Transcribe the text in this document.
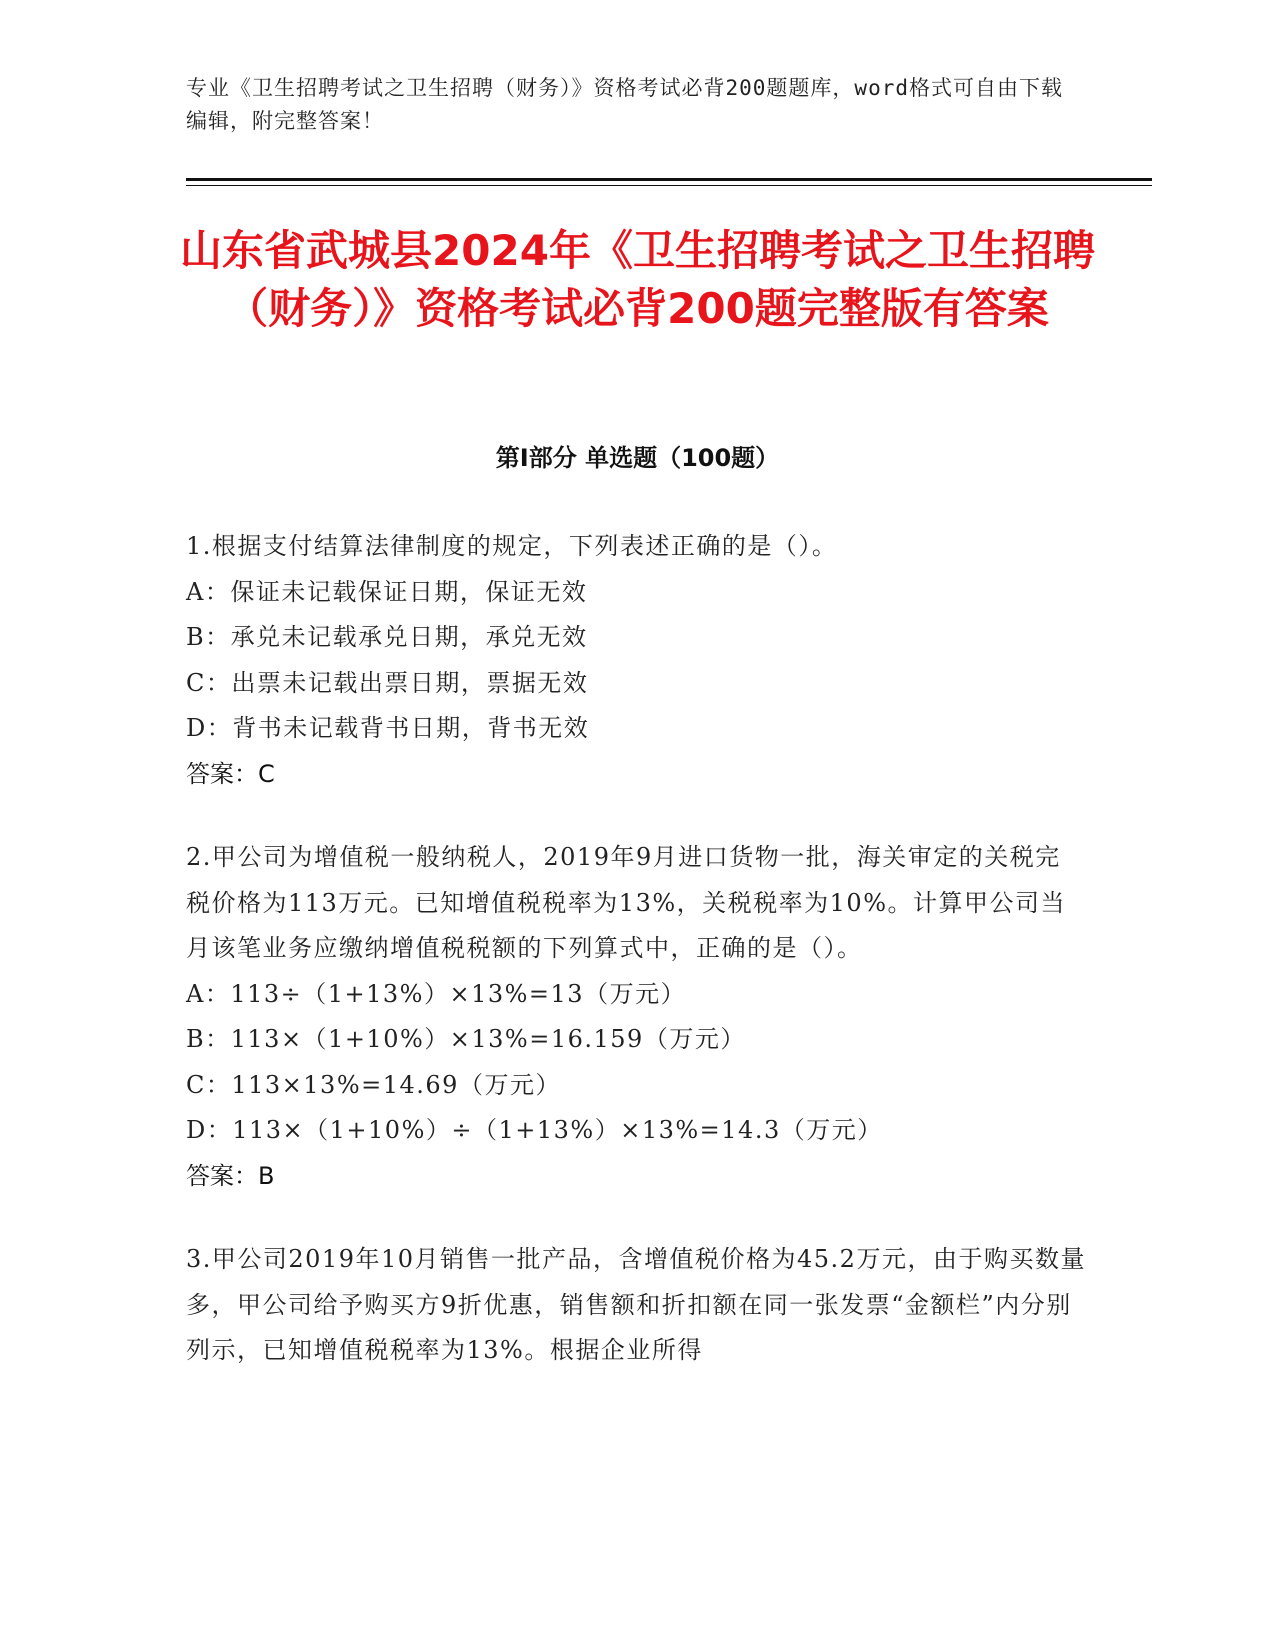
专业《卫生招聘考试之卫生招聘（财务）》资格考试必背200题题库，word格式可自由下载编辑，附完整答案！
山东省武城县2024年《卫生招聘考试之卫生招聘（财务）》资格考试必背200题完整版有答案
第I部分 单选题（100题）

1.根据支付结算法律制度的规定，下列表述正确的是（）。

A：保证未记载保证日期，保证无效

B：承兑未记载承兑日期，承兑无效

C：出票未记载出票日期，票据无效

D：背书未记载背书日期，背书无效

答案：C

2.甲公司为增值税一般纳税人，2019年9月进口货物一批，海关审定的关税完税价格为113万元。已知增值税税率为13%，关税税率为10%。计算甲公司当月该笔业务应缴纳增值税税额的下列算式中，正确的是（）。

A：113÷（1+13%）×13%=13（万元）

B：113×（1+10%）×13%=16.159（万元）

C：113×13%=14.69（万元）

D：113×（1+10%）÷（1+13%）×13%=14.3（万元）

答案：B

3.甲公司2019年10月销售一批产品，含增值税价格为45.2万元，由于购买数量多，甲公司给予购买方9折优惠，销售额和折扣额在同一张发票“金额栏”内分别列示，已知增值税税率为13%。根据企业所得
